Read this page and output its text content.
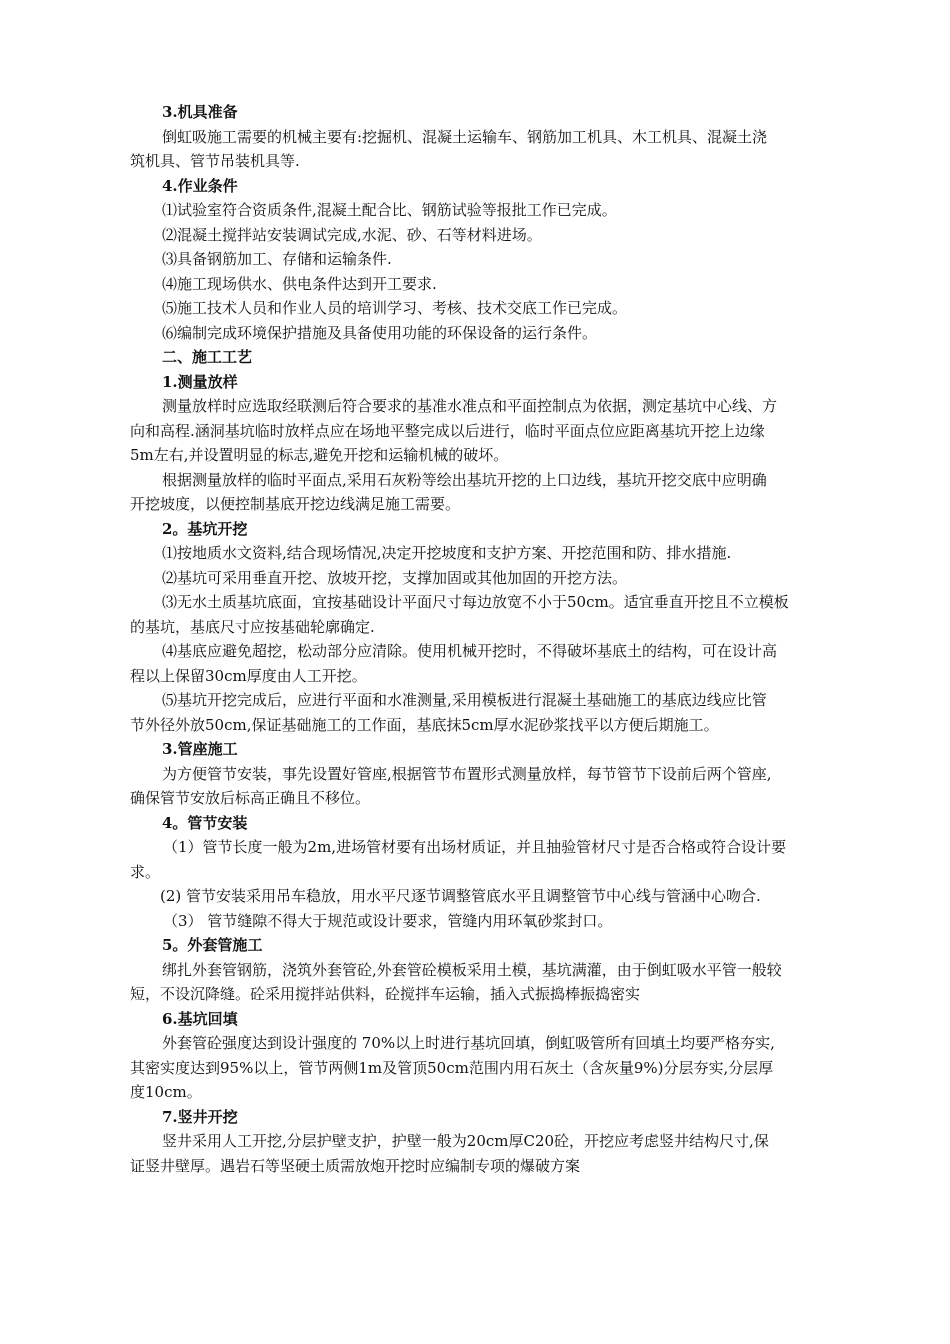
3.机具准备

倒虹吸施工需要的机械主要有:挖掘机、混凝土运输车、钢筋加工机具、木工机具、混凝土浇

筑机具、管节吊装机具等.

4.作业条件

⑴试验室符合资质条件,混凝土配合比、钢筋试验等报批工作已完成。

⑵混凝土搅拌站安装调试完成,水泥、砂、石等材料进场。

⑶具备钢筋加工、存储和运输条件.

⑷施工现场供水、供电条件达到开工要求.

⑸施工技术人员和作业人员的培训学习、考核、技术交底工作已完成。

⑹编制完成环境保护措施及具备使用功能的环保设备的运行条件。

二、施工工艺

1.测量放样

测量放样时应选取经联测后符合要求的基准水准点和平面控制点为依据，测定基坑中心线、方

向和高程.涵洞基坑临时放样点应在场地平整完成以后进行，临时平面点位应距离基坑开挖上边缘

5m左右,并设置明显的标志,避免开挖和运输机械的破坏。

根据测量放样的临时平面点,采用石灰粉等绘出基坑开挖的上口边线，基坑开挖交底中应明确

开挖坡度，以便控制基底开挖边线满足施工需要。

2。基坑开挖

⑴按地质水文资料,结合现场情况,决定开挖坡度和支护方案、开挖范围和防、排水措施.

⑵基坑可采用垂直开挖、放坡开挖，支撑加固或其他加固的开挖方法。

⑶无水土质基坑底面，宜按基础设计平面尺寸每边放宽不小于50cm。适宜垂直开挖且不立模板

的基坑，基底尺寸应按基础轮廓确定.

⑷基底应避免超挖，松动部分应清除。使用机械开挖时，不得破坏基底土的结构，可在设计高

程以上保留30cm厚度由人工开挖。

⑸基坑开挖完成后，应进行平面和水准测量,采用模板进行混凝土基础施工的基底边线应比管

节外径外放50cm,保证基础施工的工作面，基底抹5cm厚水泥砂浆找平以方便后期施工。

3.管座施工

为方便管节安装，事先设置好管座,根据管节布置形式测量放样，每节管节下设前后两个管座,

确保管节安放后标高正确且不移位。

4。管节安装

（1）管节长度一般为2m,进场管材要有出场材质证，并且抽验管材尺寸是否合格或符合设计要

求。

(2) 管节安装采用吊车稳放，用水平尺逐节调整管底水平且调整管节中心线与管涵中心吻合.

（3） 管节缝隙不得大于规范或设计要求，管缝内用环氧砂浆封口。

5。外套管施工

绑扎外套管钢筋，浇筑外套管砼,外套管砼模板采用土模，基坑满灌，由于倒虹吸水平管一般较

短，不设沉降缝。砼采用搅拌站供料，砼搅拌车运输，插入式振捣棒振捣密实

6.基坑回填

外套管砼强度达到设计强度的 70%以上时进行基坑回填，倒虹吸管所有回填土均要严格夯实,

其密实度达到95%以上，管节两侧1m及管顶50cm范围内用石灰土（含灰量9%)分层夯实,分层厚

度10cm。

7.竖井开挖

竖井采用人工开挖,分层护壁支护，护壁一般为20cm厚C20砼，开挖应考虑竖井结构尺寸,保

证竖井壁厚。遇岩石等坚硬土质需放炮开挖时应编制专项的爆破方案
